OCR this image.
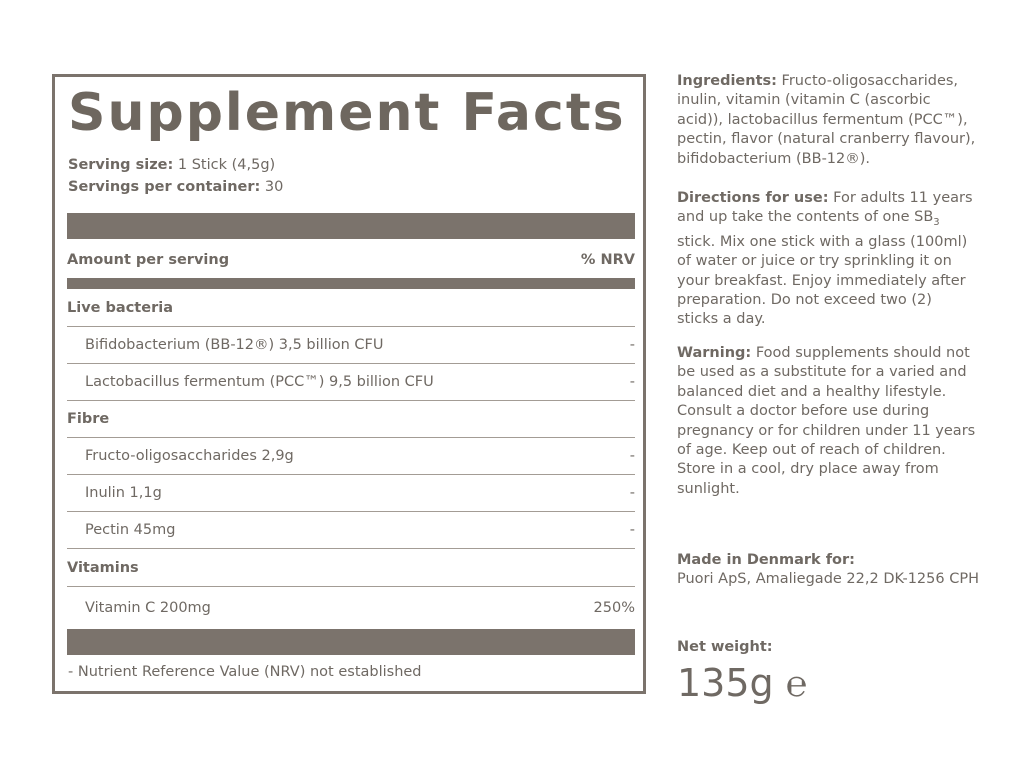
Supplement Facts
Serving size: 1 Stick (4,5g)
Servings per container: 30
Amount per serving	% NRV
Live bacteria
Bifidobacterium (BB-12®) 3,5 billion CFU	-
Lactobacillus fermentum (PCC™) 9,5 billion CFU	-
Fibre
Fructo-oligosaccharides 2,9g	-
Inulin 1,1g	-
Pectin 45mg	-
Vitamins
Vitamin C 200mg	250%
- Nutrient Reference Value (NRV) not established
Ingredients: Fructo-oligosaccharides,
inulin, vitamin (vitamin C (ascorbic
acid)), lactobacillus fermentum (PCC™),
pectin, flavor (natural cranberry flavour),
bifidobacterium (BB-12®).
Directions for use: For adults 11 years
and up take the contents of one $SB_3$
stick. Mix one stick with a glass (100ml)
of water or juice or try sprinkling it on
your breakfast. Enjoy immediately after
preparation. Do not exceed two (2)
sticks a day.
Warning: Food supplements should not
be used as a substitute for a varied and
balanced diet and a healthy lifestyle.
Consult a doctor before use during
pregnancy or for children under 11 years
of age. Keep out of reach of children.
Store in a cool, dry place away from
sunlight.
Made in Denmark for:
Puori ApS, Amaliegade 22,2 DK-1256 CPH
Net weight:
135g ℮
